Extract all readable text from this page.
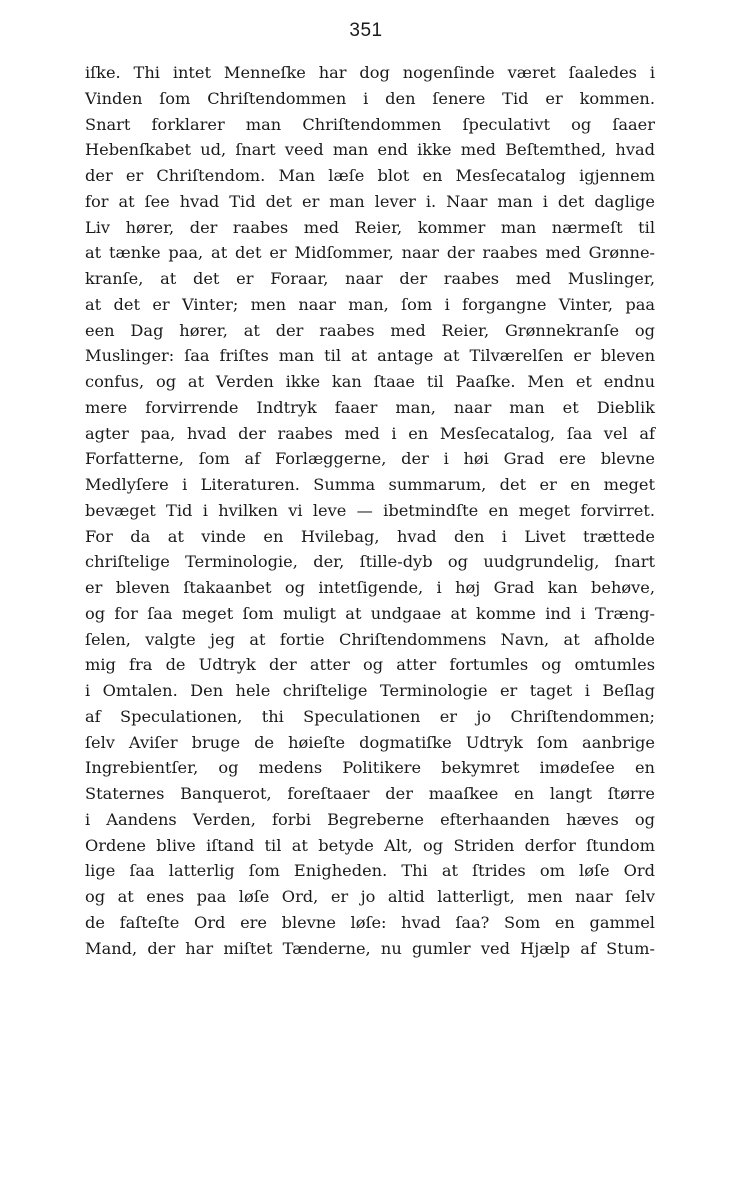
351
iſke. Thi intet Menneſke har dog nogenſinde været ſaaledes i
Vinden ſom Chriſtendommen i den ſenere Tid er kommen.
Snart forklarer man Chriſtendommen ſpeculativt og ſaaer
Hebenſkabet ud, ſnart veed man end ikke med Beſtemthed, hvad
der er Chriſtendom. Man læſe blot en Mesſecatalog igjennem
for at ſee hvad Tid det er man lever i. Naar man i det daglige
Liv hører, der raabes med Reier, kommer man nærmeſt til
at tænke paa, at det er Midſommer, naar der raabes med Grønne-
kranſe, at det er Foraar, naar der raabes med Muslinger,
at det er Vinter; men naar man, ſom i forgangne Vinter, paa
een Dag hører, at der raabes med Reier, Grønnekranſe og
Muslinger: ſaa friſtes man til at antage at Tilværelſen er bleven
confus, og at Verden ikke kan ſtaae til Paaſke. Men et endnu
mere forvirrende Indtryk faaer man, naar man et Dieblik
agter paa, hvad der raabes med i en Mesſecatalog, ſaa vel af
Forfatterne, ſom af Forlæggerne, der i høi Grad ere blevne
Medlyſere i Literaturen. Summa summarum, det er en meget
bevæget Tid i hvilken vi leve — ibetmindſte en meget forvirret.
For da at vinde en Hvilebag, hvad den i Livet trættede
chriſtelige Terminologie, der, ſtille-dyb og uudgrundelig, ſnart
er bleven ſtakaanbet og intetſigende, i høj Grad kan behøve,
og for ſaa meget ſom muligt at undgaae at komme ind i Træng-
ſelen, valgte jeg at fortie Chriſtendommens Navn, at afholde
mig fra de Udtryk der atter og atter fortumles og omtumles
i Omtalen. Den hele chriſtelige Terminologie er taget i Beſlag
af Speculationen, thi Speculationen er jo Chriſtendommen;
ſelv Aviſer bruge de høieſte dogmatiſke Udtryk ſom aanbrige
Ingrebientſer, og medens Politikere bekymret imødeſee en
Staternes Banquerot, foreſtaaer der maaſkee en langt ſtørre
i Aandens Verden, forbi Begreberne efterhaanden hæves og
Ordene blive iſtand til at betyde Alt, og Striden derfor ſtundom
lige ſaa latterlig ſom Enigheden. Thi at ſtrides om løſe Ord
og at enes paa løſe Ord, er jo altid latterligt, men naar ſelv
de faſteſte Ord ere blevne løſe: hvad ſaa? Som en gammel
Mand, der har miſtet Tænderne, nu gumler ved Hjælp af Stum-
